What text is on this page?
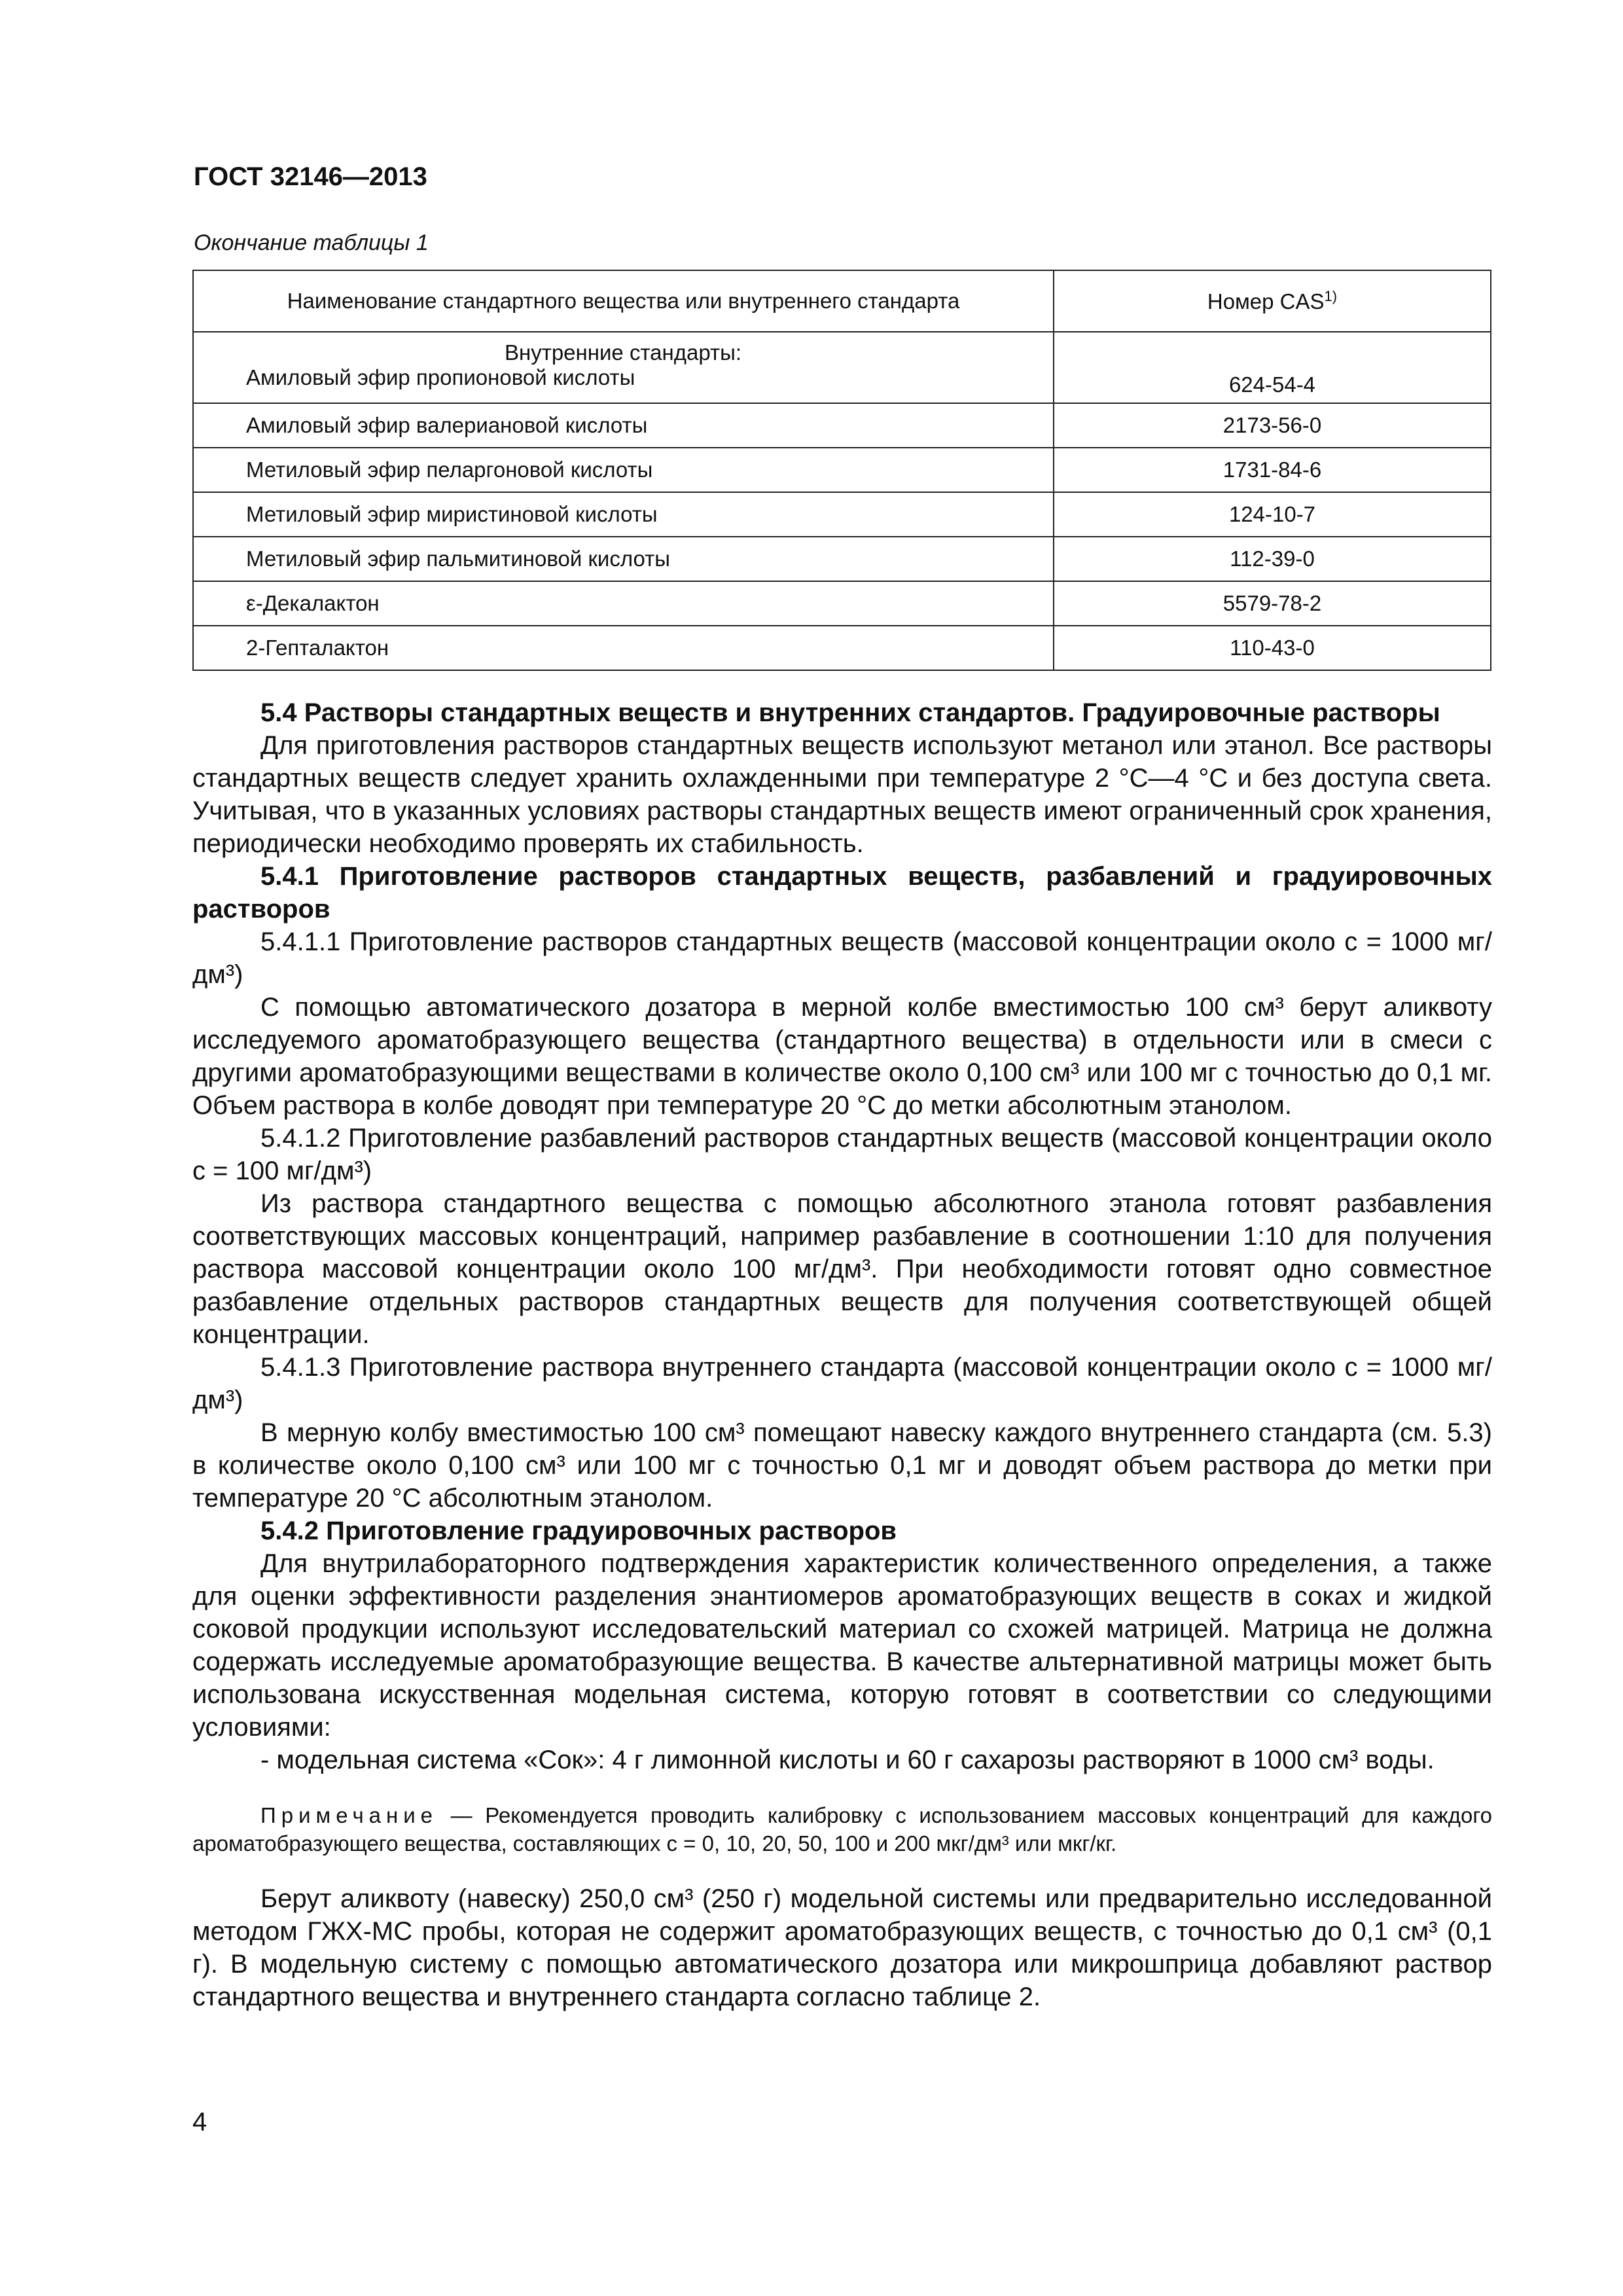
ГОСТ 32146—2013
Окончание таблицы 1
Наименование стандартного вещества или внутреннего стандарта	Номер CAS$^{1)}$

Внутренние стандарты:
Амиловый эфир пропионовой кислоты	624-54-4
Амиловый эфир валериановой кислоты	2173-56-0
Метиловый эфир пеларгоновой кислоты	1731-84-6
Метиловый эфир миристиновой кислоты	124-10-7
Метиловый эфир пальмитиновой кислоты	112-39-0
ε-Декалактон	5579-78-2
2-Гепталактон	110-43-0
5.4 Растворы стандартных веществ и внутренних стандартов. Градуировочные растворы

Для приготовления растворов стандартных веществ используют метанол или этанол. Все растворы стандартных веществ следует хранить охлажденными при температуре 2 °С—4 °С и без доступа света. Учитывая, что в указанных условиях растворы стандартных веществ имеют ограниченный срок хранения, периодически необходимо проверять их стабильность.

5.4.1 Приготовление растворов стандартных веществ, разбавлений и градуировочных растворов

5.4.1.1 Приготовление растворов стандартных веществ (массовой концентрации около с = 1000 мг/дм³)

С помощью автоматического дозатора в мерной колбе вместимостью 100 см³ берут аликвоту исследуемого ароматобразующего вещества (стандартного вещества) в отдельности или в смеси с другими ароматобразующими веществами в количестве около 0,100 см³ или 100 мг с точностью до 0,1 мг. Объем раствора в колбе доводят при температуре 20 °С до метки абсолютным этанолом.

5.4.1.2 Приготовление разбавлений растворов стандартных веществ (массовой концентрации около с = 100 мг/дм³)

Из раствора стандартного вещества с помощью абсолютного этанола готовят разбавления соответствующих массовых концентраций, например разбавление в соотношении 1:10 для получения раствора массовой концентрации около 100 мг/дм³. При необходимости готовят одно совместное разбавление отдельных растворов стандартных веществ для получения соответствующей общей концентрации.

5.4.1.3 Приготовление раствора внутреннего стандарта (массовой концентрации около с = 1000 мг/дм³)

В мерную колбу вместимостью 100 см³ помещают навеску каждого внутреннего стандарта (см. 5.3) в количестве около 0,100 см³ или 100 мг с точностью 0,1 мг и доводят объем раствора до метки при температуре 20 °С абсолютным этанолом.

5.4.2 Приготовление градуировочных растворов

Для внутрилабораторного подтверждения характеристик количественного определения, а также для оценки эффективности разделения энантиомеров ароматобразующих веществ в соках и жидкой соковой продукции используют исследовательский материал со схожей матрицей. Матрица не должна содержать исследуемые ароматобразующие вещества. В качестве альтернативной матрицы может быть использована искусственная модельная система, которую готовят в соответствии со следующими условиями:

- модельная система «Сок»: 4 г лимонной кислоты и 60 г сахарозы растворяют в 1000 см³ воды.

Примечание — Рекомендуется проводить калибровку с использованием массовых концентраций для каждого ароматобразующего вещества, составляющих с = 0, 10, 20, 50, 100 и 200 мкг/дм³ или мкг/кг.

Берут аликвоту (навеску) 250,0 см³ (250 г) модельной системы или предварительно исследованной методом ГЖХ-МС пробы, которая не содержит ароматобразующих веществ, с точностью до 0,1 см³ (0,1 г). В модельную систему с помощью автоматического дозатора или микрошприца добавляют раствор стандартного вещества и внутреннего стандарта согласно таблице 2.

4
